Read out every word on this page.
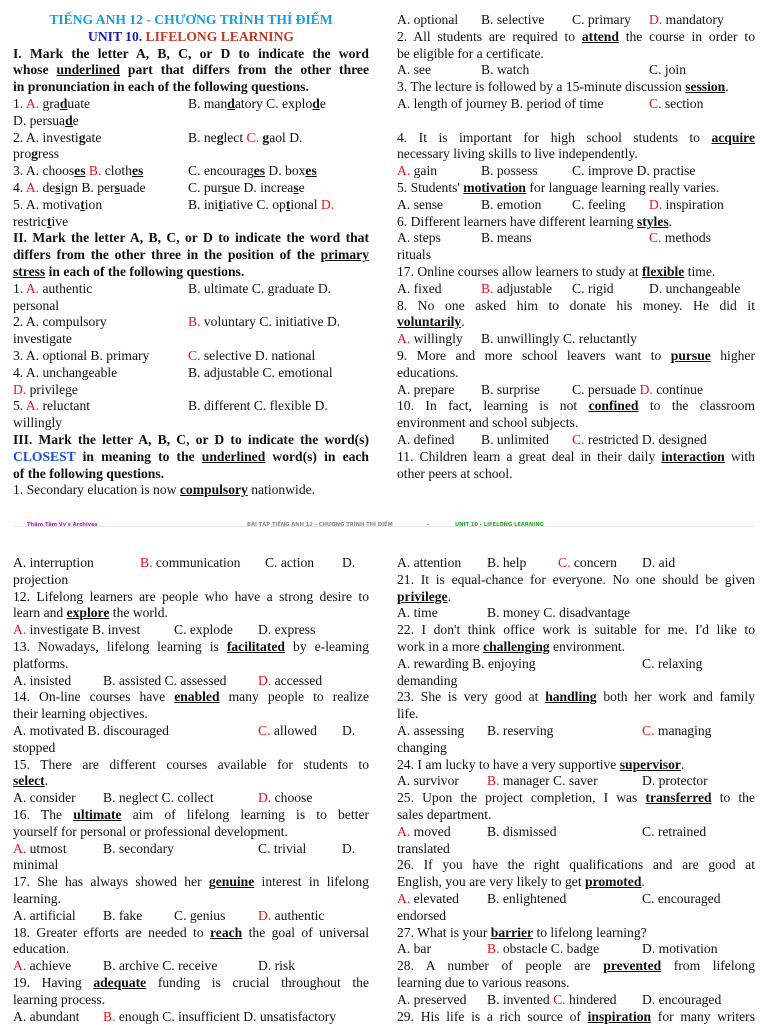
TIẾNG ANH 12 - CHƯƠNG TRÌNH THÍ ĐIỂM
UNIT 10. LIFELONG LEARNING
I. Mark the letter A, B, C, or D to indicate the word
whose underlined part that differs from the other three
in pronunciation in each of the following questions.
1. A. graduate	B. mandatory C. explode
D. persuade
2. A. investigate	B. neglect C. gaol D.
progress
3. A. chooses B. clothes	C. encourages D. boxes
4. A. design B. persuade	C. pursue D. increase
5. A. motivation	B. initiative C. optional D.
restrictive
II. Mark the letter A, B, C, or D to indicate the word that
differs from the other three in the position of the primary
stress in each of the following questions.
1. A. authentic	B. ultimate C. graduate D.
personal
2. A. compulsory	B. voluntary C. initiative D.
investigate
3. A. optional B. primary	C. selective D. national
4. A. unchangeable	B. adjustable C. emotional
D. privilege
5. A. reluctant	B. different C. flexible D.
willingly
III. Mark the letter A, B, C, or D to indicate the word(s)
CLOSEST in meaning to the underlined word(s) in each
of the following questions.
1. Secondary elucation is now compulsory nationwide.
A. optional B. selective C. primary D. mandatory
2. All students are required to attend the course in order to
be eligible for a certificate.
A. see	B. watch	C. join
3. The lecture is followed by a 15-minute discussion session.
A. length of journey B. period of time	C. section
4. It is important for high school students to acquire
necessary living skills to live independently.
A. gain	B. possess	C. improve D. practise
5. Students' motivation for language learning really varies.
A. sense	B. emotion C. feeling D. inspiration
6. Different learners have different learning styles.
A. steps	B. means	C. methods
rituals
17. Online courses allow learners to study at flexible time.
A. fixed	B. adjustable C. rigid	D. unchangeable
8. No one asked him to donate his money. He did it
voluntarily.
A. willingly B. unwillingly C. reluctantly
9. More and more school leavers want to pursue higher
educations.
A. prepare B. surprise C. persuade D. continue
10. In fact, learning is not confined to the classroom
environment and school subjects.
A. defined B. unlimited C. restricted D. designed
11. Children learn a great deal in their daily interaction with
other peers at school.
Thầm Tâm Vy's Archives	BÀI TẬP TIẾNG ANH 12 - CHƯƠNG TRÌNH THÍ ĐIỂM	-	UNIT 10 - LIFELONG LEARNING
A. interruption	B. communication C. action D.
projection
12. Lifelong learners are people who have a strong desire to
learn and explore the world.
A. investigate B. invest C. explode D. express
13. Nowadays, lifelong learning is facilitated by e-leaming
platforms.
A. insisted B. assisted C. assessed D. accessed
14. On-line courses have enabled many people to realize
their learning objectives.
A. motivated B. discouraged	C. allowed D.
stopped
15. There are different courses available for students to
select.
A. consider B. neglect C. collect	D. choose
16. The ultimate aim of lifelong learning is to better
yourself for personal or professional development.
A. utmost	B. secondary	C. trivial	D.
minimal
17. She has always showed her genuine interest in lifelong
learning.
A. artificial B. fake C. genius D. authentic
18. Greater efforts are needed to reach the goal of universal
education.
A. achieve B. archive C. receive	D. risk
19. Having adequate funding is crucial throughout the
learning process.
A. abundant B. enough C. insufficient D. unsatisfactory
A. attention B. help C. concern D. aid
21. It is equal-chance for everyone. No one should be given
privilege.
A. time	B. money C. disadvantage
22. I don't think office work is suitable for me. I'd like to
work in a more challenging environment.
A. rewarding B. enjoying	C. relaxing
demanding
23. She is very good at handling both her work and family
life.
A. assessing B. reserving	C. managing
changing
24. I am lucky to have a very supportive supervisor.
A. survivor B. manager C. saver	D. protector
25. Upon the project completion, I was transferred to the
sales department.
A. moved	B. dismissed	C. retrained
translated
26. If you have the right qualifications and are good at
English, you are very likely to get promoted.
A. elevated B. enlightened	C. encouraged
endorsed
27. What is your barrier to lifelong learning?
A. bar	B. obstacle C. badge	D. motivation
28. A number of people are prevented from lifelong
learning due to various reasons.
A. preserved B. invented C. hindered D. encouraged
29. His life is a rich source of inspiration for many writers
